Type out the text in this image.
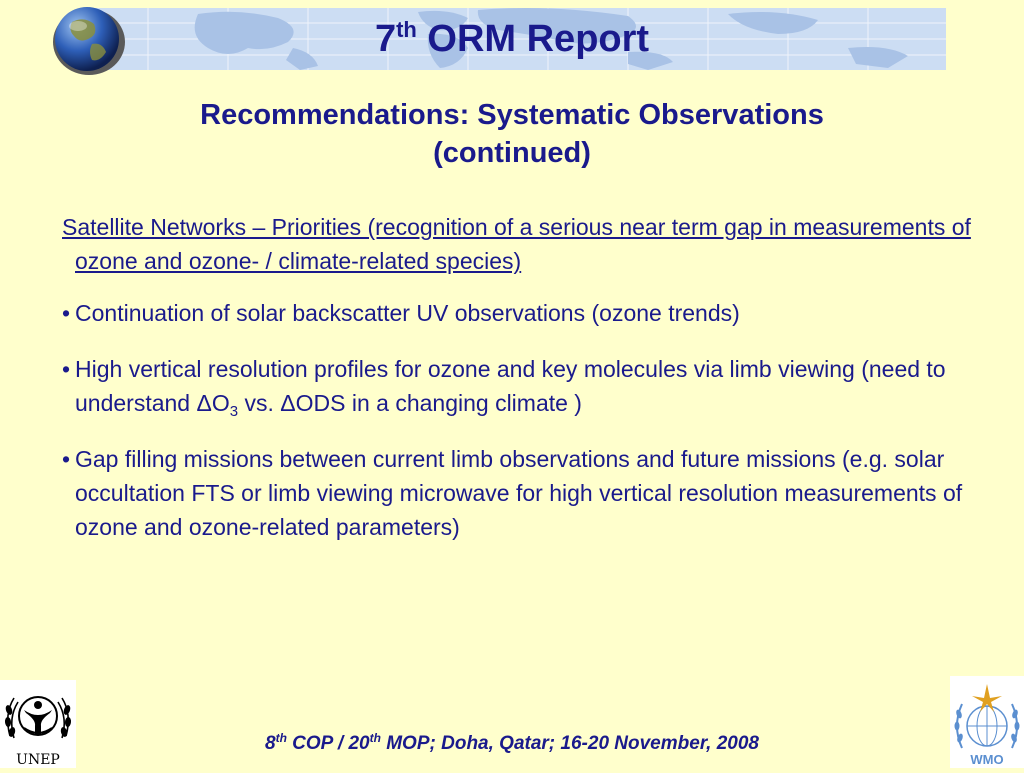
7th ORM Report
Recommendations: Systematic Observations
(continued)

Satellite Networks – Priorities (recognition of a serious near term gap in measurements of ozone and ozone- / climate-related species)

• Continuation of solar backscatter UV observations (ozone trends)
• High vertical resolution profiles for ozone and key molecules via limb viewing (need to understand $\Delta O_3$ vs. ΔODS in a changing climate )
• Gap filling missions between current limb observations and future missions (e.g. solar occultation FTS or limb viewing microwave for high vertical resolution measurements of ozone and ozone-related parameters)
UNEP	WMO
8th COP / 20th MOP; Doha, Qatar; 16-20 November, 2008
